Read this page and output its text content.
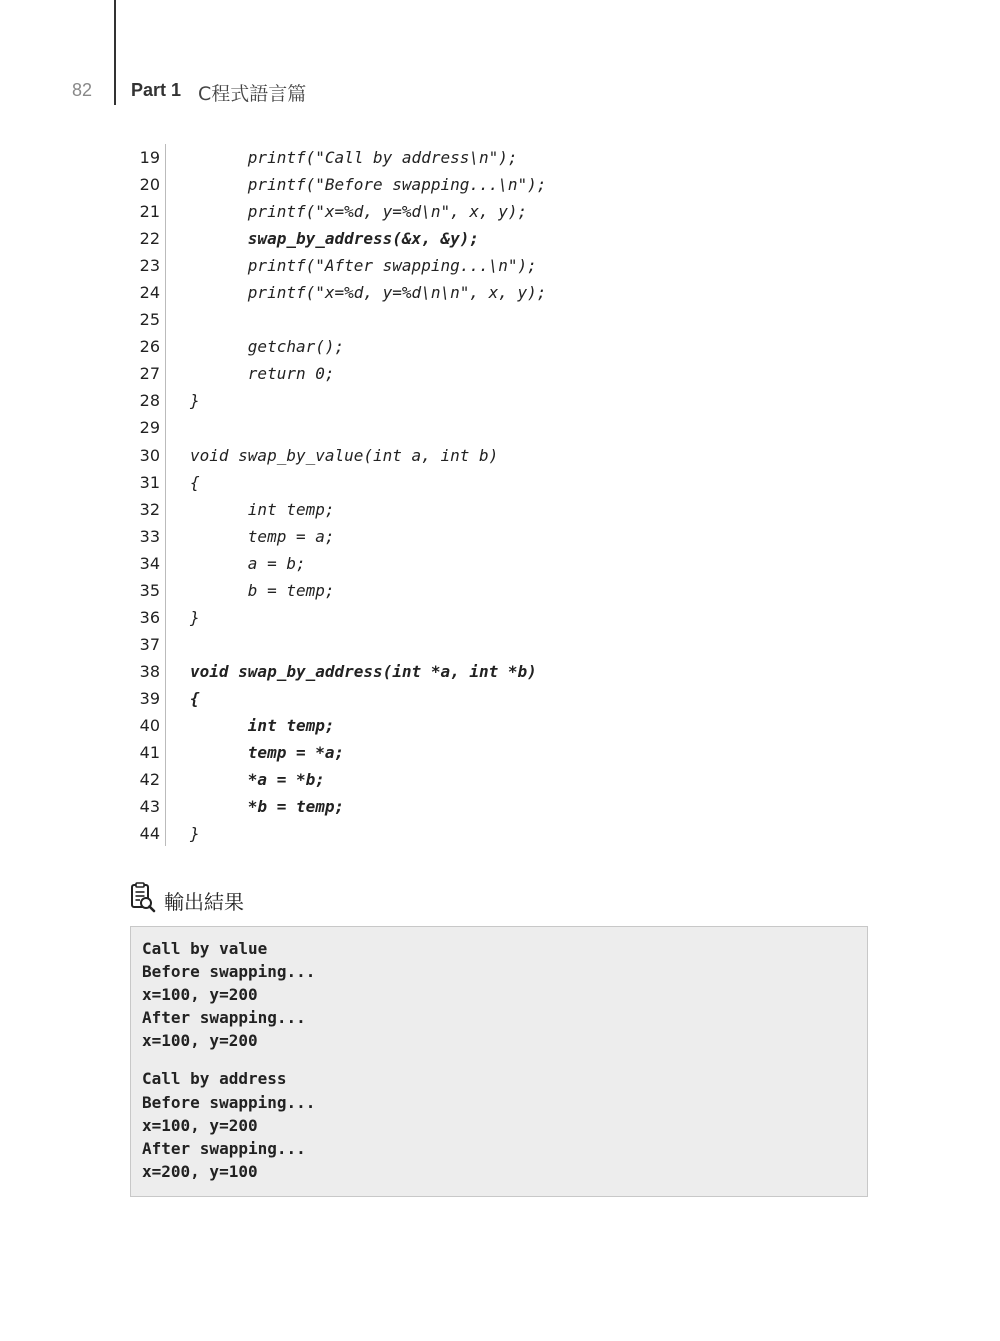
82 Part 1 C程式語言篇
19 printf("Call by address\n");
20 printf("Before swapping...\n");
21 printf("x=%d, y=%d\n", x, y);
22 swap_by_address(&x, &y);
23 printf("After swapping...\n");
24 printf("x=%d, y=%d\n\n", x, y);
25
26 getchar();
27 return 0;
28 }
29
30 void swap_by_value(int a, int b)
31 {
32 int temp;
33 temp = a;
34 a = b;
35 b = temp;
36 }
37
38 void swap_by_address(int *a, int *b)
39 {
40 int temp;
41 temp = *a;
42 *a = *b;
43 *b = temp;
44 }
輸出結果
Call by value
Before swapping...
x=100, y=200
After swapping...
x=100, y=200
Call by address
Before swapping...
x=100, y=200
After swapping...
x=200, y=100
